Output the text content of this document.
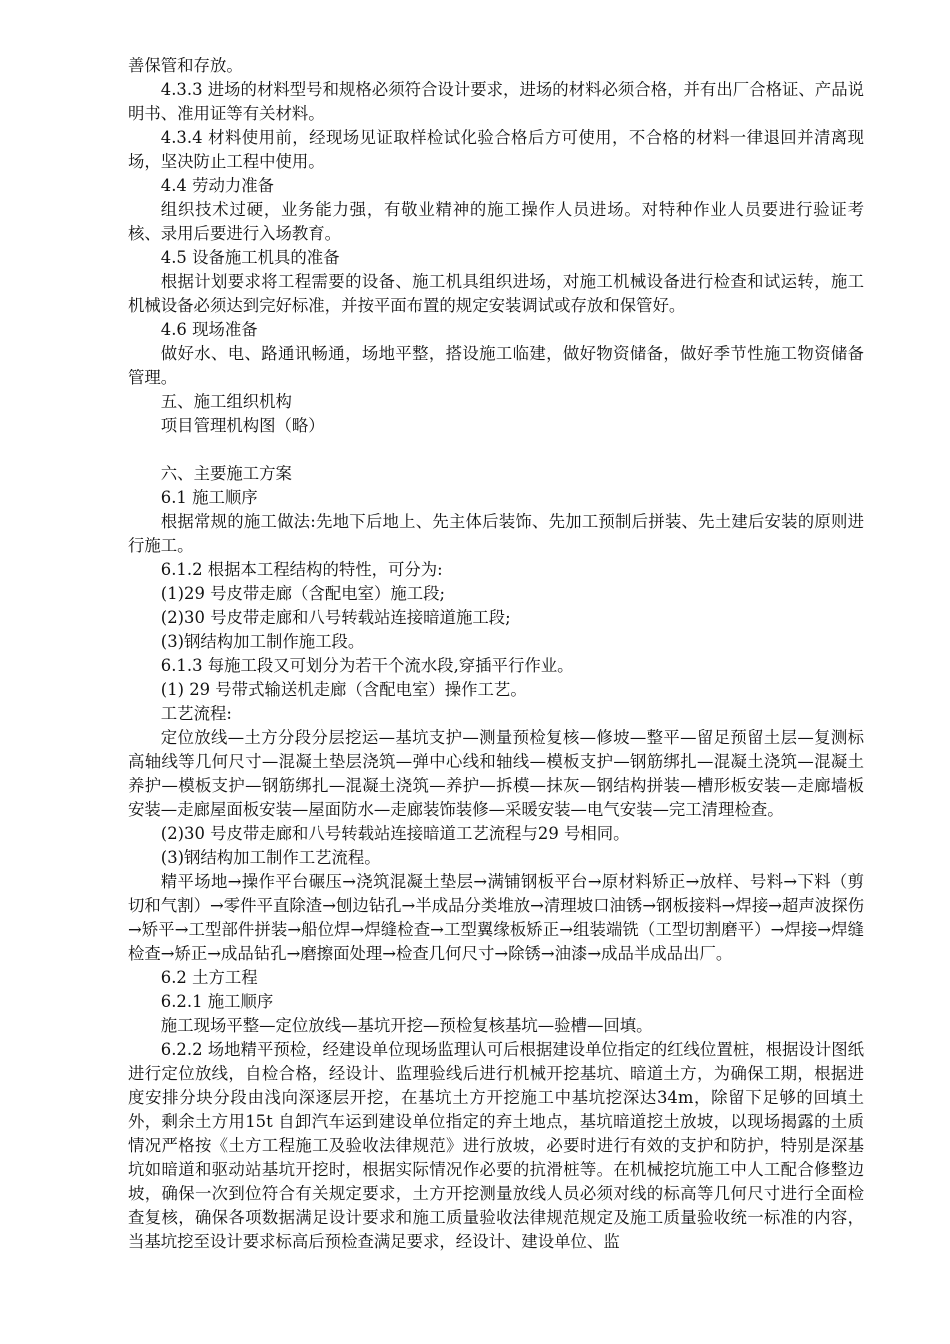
善保管和存放。

4.3.3 进场的材料型号和规格必须符合设计要求，进场的材料必须合格，并有出厂合格证、产品说明书、准用证等有关材料。

4.3.4 材料使用前，经现场见证取样检试化验合格后方可使用，不合格的材料一律退回并清离现场，坚决防止工程中使用。

4.4 劳动力准备

组织技术过硬，业务能力强，有敬业精神的施工操作人员进场。对特种作业人员要进行验证考核、录用后要进行入场教育。

4.5 设备施工机具的准备

根据计划要求将工程需要的设备、施工机具组织进场，对施工机械设备进行检查和试运转，施工机械设备必须达到完好标准，并按平面布置的规定安装调试或存放和保管好。

4.6 现场准备

做好水、电、路通讯畅通，场地平整，搭设施工临建，做好物资储备，做好季节性施工物资储备管理。

五、施工组织机构

项目管理机构图（略）

六、主要施工方案

6.1 施工顺序

根据常规的施工做法:先地下后地上、先主体后装饰、先加工预制后拼装、先土建后安装的原则进行施工。

6.1.2 根据本工程结构的特性，可分为:

(1)29 号皮带走廊（含配电室）施工段;

(2)30 号皮带走廊和八号转载站连接暗道施工段;

(3)钢结构加工制作施工段。

6.1.3 每施工段又可划分为若干个流水段,穿插平行作业。

(1) 29 号带式输送机走廊（含配电室）操作工艺。

工艺流程:

定位放线—土方分段分层挖运—基坑支护—测量预检复核—修坡—整平—留足预留土层—复测标高轴线等几何尺寸—混凝土垫层浇筑—弹中心线和轴线—模板支护—钢筋绑扎—混凝土浇筑—混凝土养护—模板支护—钢筋绑扎—混凝土浇筑—养护—拆模—抹灰—钢结构拼装—槽形板安装—走廊墙板安装—走廊屋面板安装—屋面防水—走廊装饰装修—采暖安装—电气安装—完工清理检查。

(2)30 号皮带走廊和八号转载站连接暗道工艺流程与29 号相同。

(3)钢结构加工制作工艺流程。

精平场地→操作平台碾压→浇筑混凝土垫层→满铺钢板平台→原材料矫正→放样、号料→下料（剪切和气割）→零件平直除渣→刨边钻孔→半成品分类堆放→清理坡口油锈→钢板接料→焊接→超声波探伤→矫平→工型部件拼装→船位焊→焊缝检查→工型翼缘板矫正→组装端铣（工型切割磨平）→焊接→焊缝检查→矫正→成品钻孔→磨擦面处理→检查几何尺寸→除锈→油漆→成品半成品出厂。

6.2 土方工程

6.2.1 施工顺序

施工现场平整—定位放线—基坑开挖—预检复核基坑—验槽—回填。

6.2.2 场地精平预检，经建设单位现场监理认可后根据建设单位指定的红线位置桩，根据设计图纸进行定位放线，自检合格，经设计、监理验线后进行机械开挖基坑、暗道土方，为确保工期，根据进度安排分块分段由浅向深逐层开挖，在基坑土方开挖施工中基坑挖深达34m，除留下足够的回填土外，剩余土方用15t 自卸汽车运到建设单位指定的弃土地点，基坑暗道挖土放坡，以现场揭露的土质情况严格按《土方工程施工及验收法律规范》进行放坡，必要时进行有效的支护和防护，特别是深基坑如暗道和驱动站基坑开挖时，根据实际情况作必要的抗滑桩等。在机械挖坑施工中人工配合修整边坡，确保一次到位符合有关规定要求，土方开挖测量放线人员必须对线的标高等几何尺寸进行全面检查复核，确保各项数据满足设计要求和施工质量验收法律规范规定及施工质量验收统一标准的内容，当基坑挖至设计要求标高后预检查满足要求，经设计、建设单位、监
